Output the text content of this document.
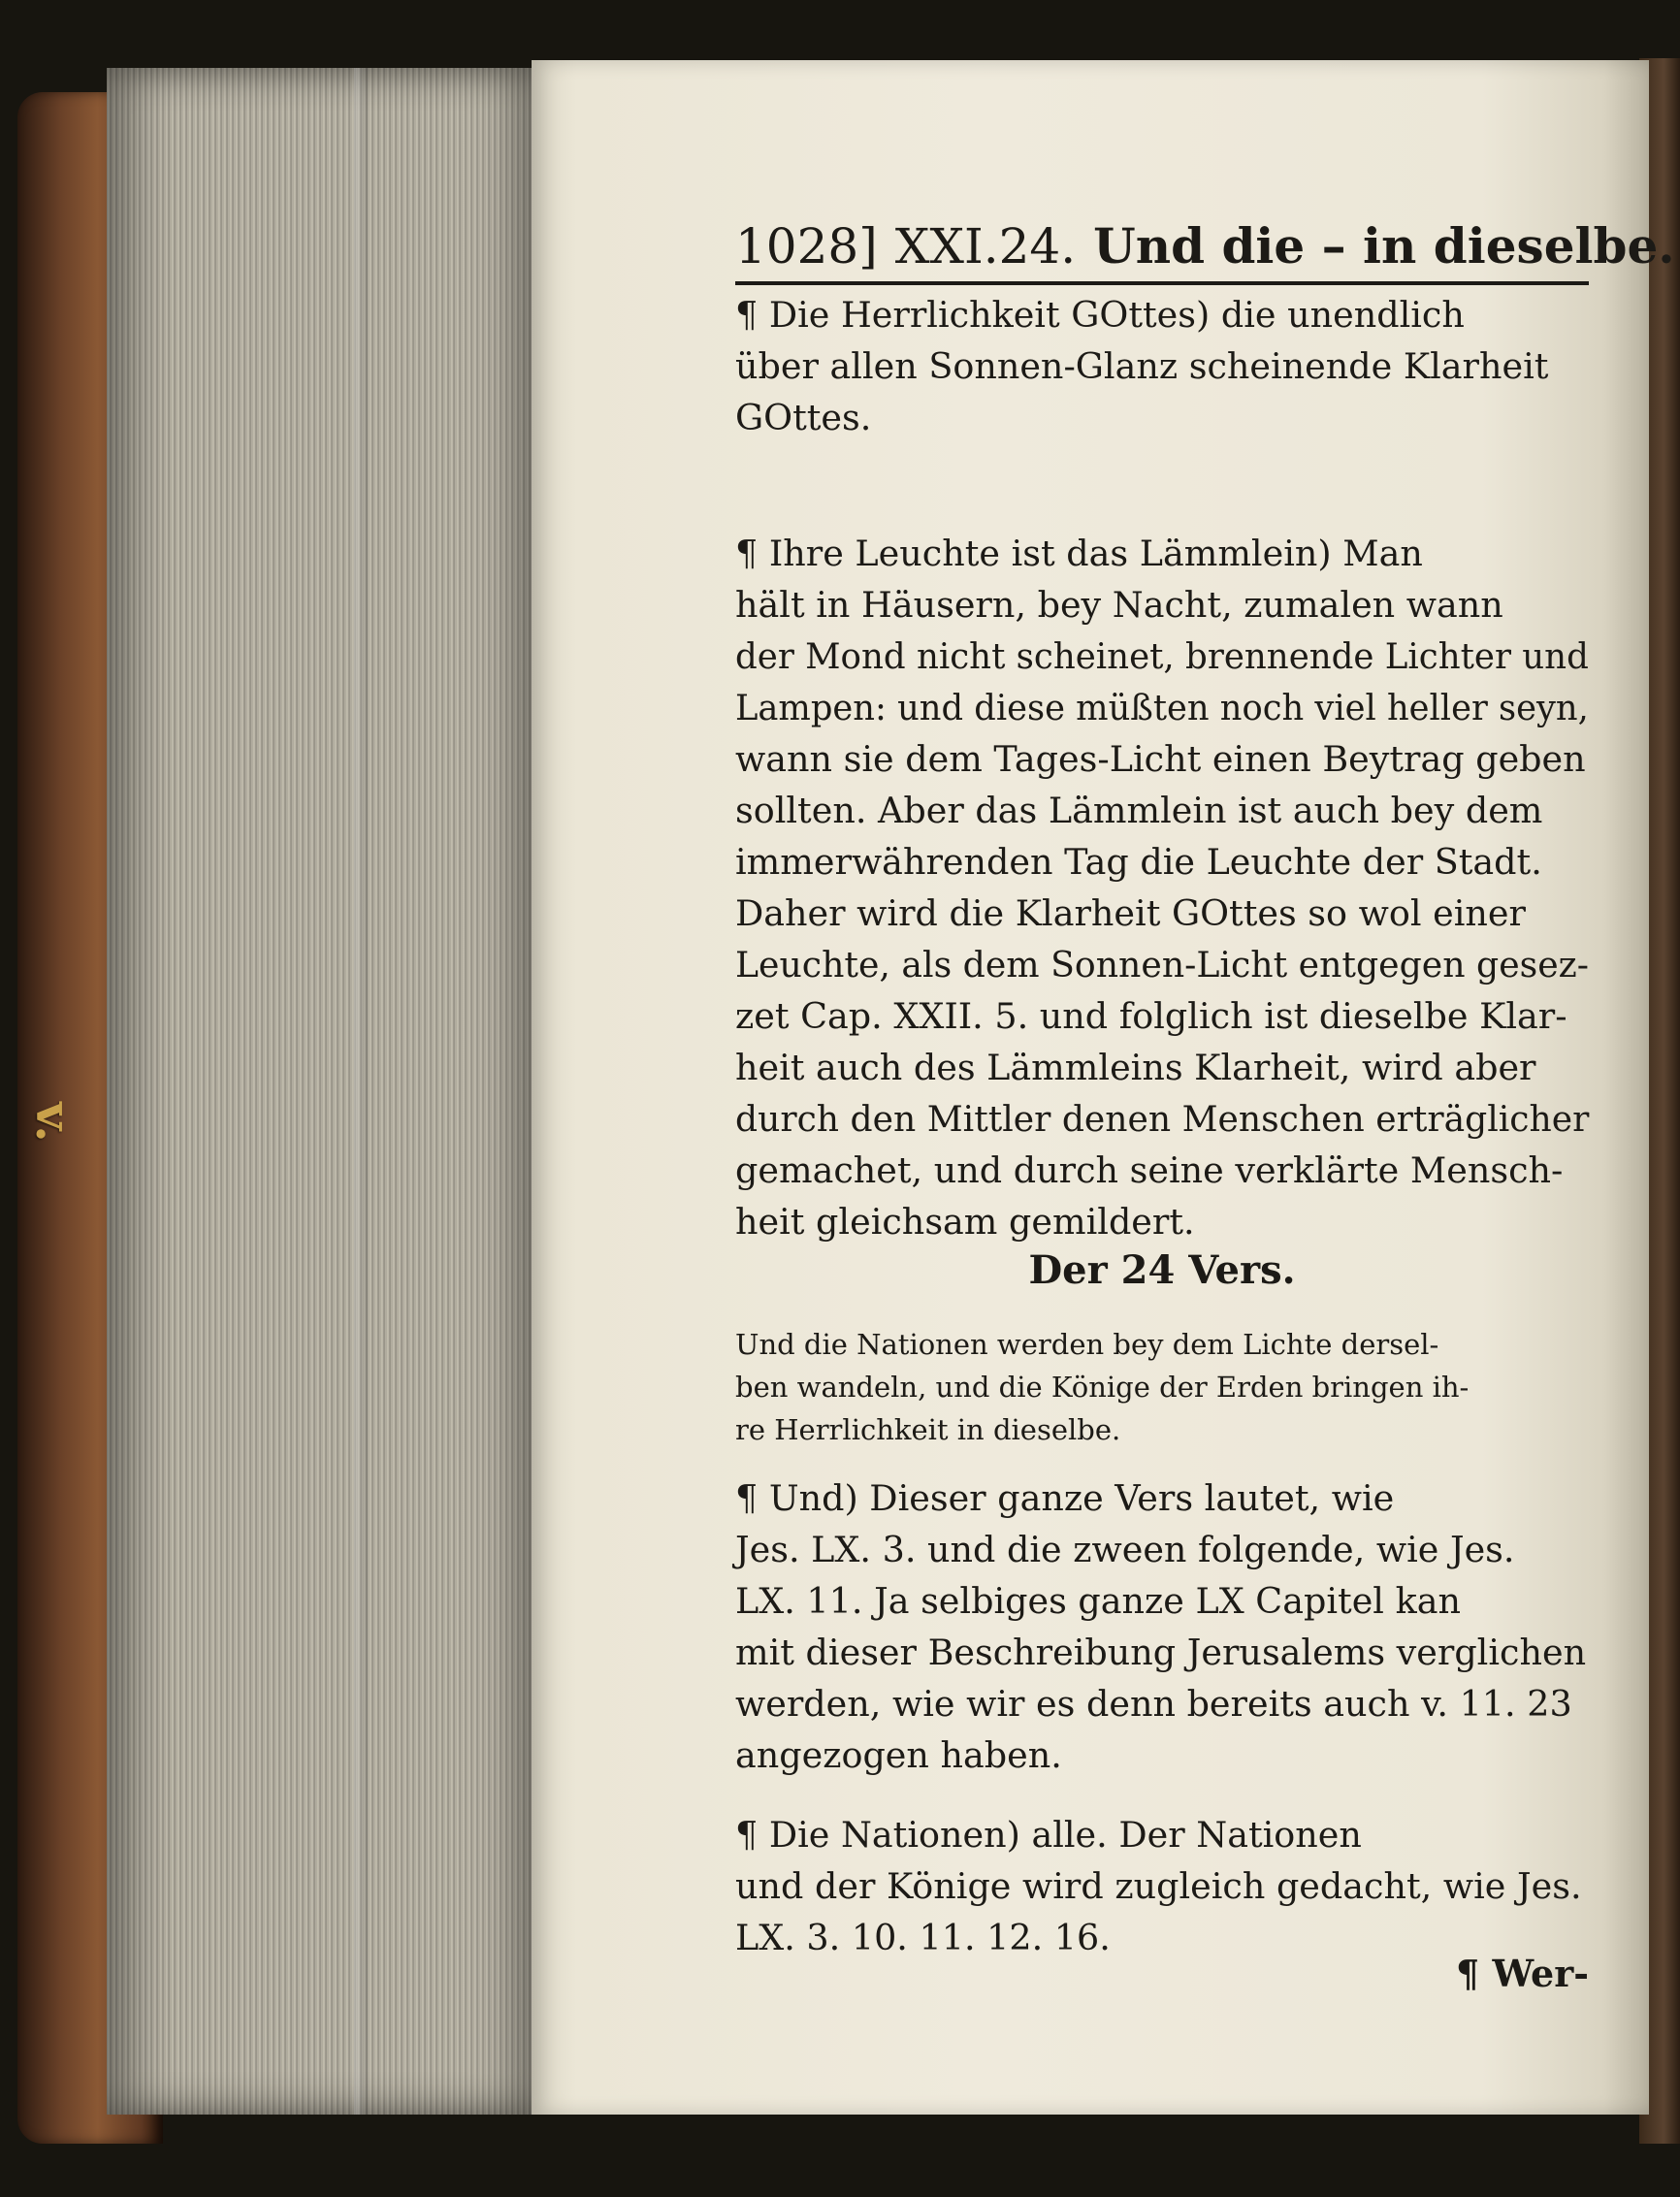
v.
1028] XXI.24. Und die – in dieselbe.
¶ Die Herrlichkeit GOttes) die unendlich
über allen Sonnen-Glanz scheinende Klarheit
GOttes.
¶ Ihre Leuchte ist das Lämmlein) Man
hält in Häusern, bey Nacht, zumalen wann
der Mond nicht scheinet, brennende Lichter und
Lampen: und diese müßten noch viel heller seyn,
wann sie dem Tages-Licht einen Beytrag geben
sollten. Aber das Lämmlein ist auch bey dem
immerwährenden Tag die Leuchte der Stadt.
Daher wird die Klarheit GOttes so wol einer
Leuchte, als dem Sonnen-Licht entgegen gesez-
zet Cap. XXII. 5. und folglich ist dieselbe Klar-
heit auch des Lämmleins Klarheit, wird aber
durch den Mittler denen Menschen erträglicher
gemachet, und durch seine verklärte Mensch-
heit gleichsam gemildert.
Der 24 Vers.
Und die Nationen werden bey dem Lichte dersel-
ben wandeln, und die Könige der Erden bringen ih-
re Herrlichkeit in dieselbe.
¶ Und) Dieser ganze Vers lautet, wie
Jes. LX. 3. und die zween folgende, wie Jes.
LX. 11. Ja selbiges ganze LX Capitel kan
mit dieser Beschreibung Jerusalems verglichen
werden, wie wir es denn bereits auch v. 11. 23
angezogen haben.
¶ Die Nationen) alle. Der Nationen
und der Könige wird zugleich gedacht, wie Jes.
LX. 3. 10. 11. 12. 16.
¶ Wer-
